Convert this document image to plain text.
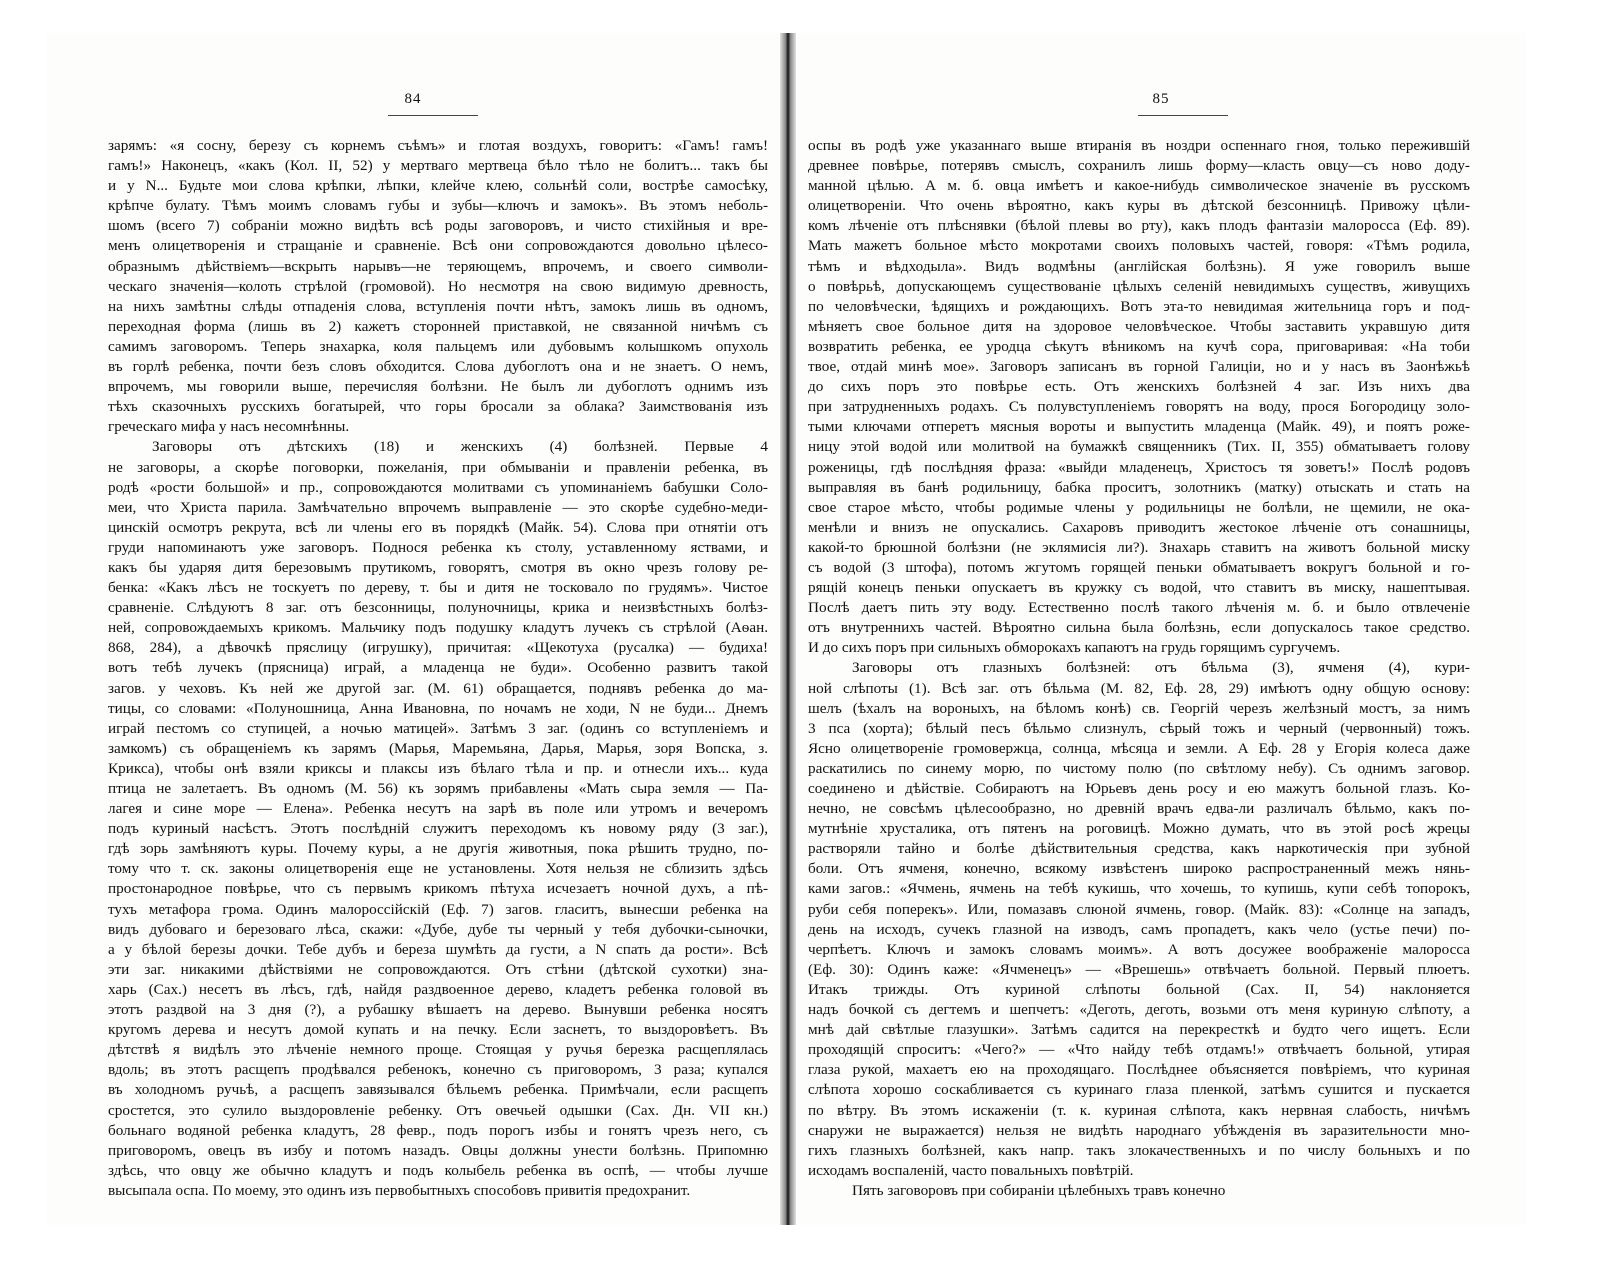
84
зарямъ: «я сосну, березу съ корнемъ съѣмъ» и глотая воздухъ, говоритъ: «Гамъ! гамъ!
гамъ!» Наконецъ, «какъ (Кол. II, 52) у мертваго мертвеца бѣло тѣло не болитъ... такъ бы
и у N... Будьте мои слова крѣпки, лѣпки, клейче клею, сольнѣй соли, вострѣе самосѣку,
крѣпче булату. Тѣмъ моимъ словамъ губы и зубы—ключъ и замокъ». Въ этомъ неболь-
шомъ (всего 7) собраніи можно видѣть всѣ роды заговоровъ, и чисто стихійныя и вре-
менъ олицетворенія и стращаніе и сравненіе. Всѣ они сопровождаются довольно цѣлесо-
образнымъ дѣйствіемъ—вскрыть нарывъ—не теряющемъ, впрочемъ, и своего символи-
ческаго значенія—колоть стрѣлой (громовой). Но несмотря на свою видимую древность,
на нихъ замѣтны слѣды отпаденія слова, вступленія почти нѣтъ, замокъ лишь въ одномъ,
переходная форма (лишь въ 2) кажетъ сторонней приставкой, не связанной ничѣмъ съ
самимъ заговоромъ. Теперь знахарка, коля пальцемъ или дубовымъ колышкомъ опухоль
въ горлѣ ребенка, почти безъ словъ обходится. Слова дубоглотъ она и не знаетъ. О немъ,
впрочемъ, мы говорили выше, перечисляя болѣзни. Не былъ ли дубоглотъ однимъ изъ
тѣхъ сказочныхъ русскихъ богатырей, что горы бросали за облака? Заимствованія изъ
греческаго мифа у насъ несомнѣнны.
Заговоры отъ дѣтскихъ (18) и женскихъ (4) болѣзней. Первые 4
не заговоры, а скорѣе поговорки, пожеланія, при обмываніи и правленіи ребенка, въ
родѣ «рости большой» и пр., сопровождаются молитвами съ упоминаніемъ бабушки Соло-
меи, что Христа парила. Замѣчательно впрочемъ выправленіе — это скорѣе судебно-меди-
цинскій осмотръ рекрута, всѣ ли члены его въ порядкѣ (Майк. 54). Слова при отнятіи отъ
груди напоминаютъ уже заговоръ. Поднося ребенка къ столу, уставленному яствами, и
какъ бы ударяя дитя березовымъ прутикомъ, говорятъ, смотря въ окно чрезъ голову ре-
бенка: «Какъ лѣсъ не тоскуетъ по дереву, т. бы и дитя не тосковало по грудямъ». Чистое
сравненіе. Слѣдуютъ 8 заг. отъ безсонницы, полуночницы, крика и неизвѣстныхъ болѣз-
ней, сопровождаемыхъ крикомъ. Мальчику подъ подушку кладутъ лучекъ съ стрѣлой (Аѳан.
868, 284), а дѣвочкѣ пряслицу (игрушку), причитая: «Щекотуха (русалка) — будиха!
вотъ тебѣ лучекъ (прясница) играй, а младенца не буди». Особенно развитъ такой
загов. у чеховъ. Къ ней же другой заг. (М. 61) обращается, поднявъ ребенка до ма-
тицы, со словами: «Полуношница, Анна Ивановна, по ночамъ не ходи, N не буди... Днемъ
играй пестомъ со ступицей, а ночью матицей». Затѣмъ 3 заг. (одинъ со вступленіемъ и
замкомъ) съ обращеніемъ къ зарямъ (Марья, Маремьяна, Дарья, Марья, зоря Вопска, з.
Крикса), чтобы онѣ взяли криксы и плаксы изъ бѣлаго тѣла и пр. и отнесли ихъ... куда
птица не залетаетъ. Въ одномъ (М. 56) къ зорямъ прибавлены «Мать сыра земля — Па-
лагея и сине море — Елена». Ребенка несутъ на зарѣ въ поле или утромъ и вечеромъ
подъ куриный насѣстъ. Этотъ послѣдній служитъ переходомъ къ новому ряду (3 заг.),
гдѣ зорь замѣняютъ куры. Почему куры, а не другія животныя, пока рѣшить трудно, по-
тому что т. ск. законы олицетворенія еще не установлены. Хотя нельзя не сблизить здѣсь
простонародное повѣрье, что съ первымъ крикомъ пѣтуха исчезаетъ ночной духъ, а пѣ-
тухъ метафора грома. Одинъ малороссійскій (Еф. 7) загов. гласитъ, вынесши ребенка на
видъ дубоваго и березоваго лѣса, скажи: «Дубе, дубе ты черный у тебя дубочки-сыночки,
а у бѣлой березы дочки. Тебе дубъ и береза шумѣть да густи, а N спать да рости». Всѣ
эти заг. никакими дѣйствіями не сопровождаются. Отъ стѣни (дѣтской сухотки) зна-
харь (Сах.) несетъ въ лѣсъ, гдѣ, найдя раздвоенное дерево, кладетъ ребенка головой въ
этотъ раздвой на 3 дня (?), а рубашку вѣшаетъ на дерево. Вынувши ребенка носятъ
кругомъ дерева и несутъ домой купать и на печку. Если заснетъ, то выздоровѣетъ. Въ
дѣтствѣ я видѣлъ это лѣченіе немного проще. Стоящая у ручья березка расщеплялась
вдоль; въ этотъ расщепъ продѣвался ребенокъ, конечно съ приговоромъ, 3 раза; купался
въ холодномъ ручьѣ, а расщепъ завязывался бѣльемъ ребенка. Примѣчали, если расщепъ
сростется, это сулило выздоровленіе ребенку. Отъ овечьей одышки (Сах. Дн. VII кн.)
больнаго водяной ребенка кладутъ, 28 февр., подъ порогъ избы и гонятъ чрезъ него, съ
приговоромъ, овецъ въ избу и потомъ назадъ. Овцы должны унести болѣзнь. Припомню
здѣсь, что овцу же обычно кладутъ и подъ колыбель ребенка въ оспѣ, — чтобы лучше
высыпала оспа. По моему, это одинъ изъ первобытныхъ способовъ привитія предохранит.
85
оспы въ родѣ уже указаннаго выше втиранія въ ноздри оспеннаго гноя, только пережившій
древнее повѣрье, потерявъ смыслъ, сохранилъ лишь форму—класть овцу—съ ново доду-
манной цѣлью. А м. б. овца имѣетъ и какое-нибудь символическое значеніе въ русскомъ
олицетвореніи. Что очень вѣроятно, какъ куры въ дѣтской безсонницѣ. Привожу цѣли-
комъ лѣченіе отъ плѣснявки (бѣлой плевы во рту), какъ плодъ фантазіи малоросса (Еф. 89).
Мать мажетъ больное мѣсто мокротами своихъ половыхъ частей, говоря: «Тѣмъ родила,
тѣмъ и вѣдходыла». Видъ водмѣны (англійская болѣзнь). Я уже говорилъ выше
о повѣрьѣ, допускающемъ существованіе цѣлыхъ селеній невидимыхъ существъ, живущихъ
по человѣчески, ѣдящихъ и рождающихъ. Вотъ эта-то невидимая жительница горъ и под-
мѣняетъ свое больное дитя на здоровое человѣческое. Чтобы заставить укравшую дитя
возвратить ребенка, ее уродца сѣкутъ вѣникомъ на кучѣ сора, приговаривая: «На тоби
твое, отдай минѣ мое». Заговоръ записанъ въ горной Галиціи, но и у насъ въ Заонѣжьѣ
до сихъ поръ это повѣрье есть. Отъ женскихъ болѣзней 4 заг. Изъ нихъ два
при затрудненныхъ родахъ. Съ полувступленіемъ говорятъ на воду, прося Богородицу золо-
тыми ключами отперетъ мясныя вороты и выпустить младенца (Майк. 49), и поятъ роже-
ницу этой водой или молитвой на бумажкѣ священникъ (Тих. II, 355) обматываетъ голову
роженицы, гдѣ послѣдняя фраза: «выйди младенецъ, Христосъ тя зоветъ!» Послѣ родовъ
выправляя въ банѣ родильницу, бабка проситъ, золотникъ (матку) отыскать и стать на
свое старое мѣсто, чтобы родимые члены у родильницы не болѣли, не щемили, не ока-
менѣли и внизъ не опускались. Сахаровъ приводитъ жестокое лѣченіе отъ сонашницы,
какой-то брюшной болѣзни (не эклямисія ли?). Знахарь ставитъ на животъ больной миску
съ водой (3 штофа), потомъ жгутомъ горящей пеньки обматываетъ вокругъ больной и го-
рящій конецъ пеньки опускаетъ въ кружку съ водой, что ставитъ въ миску, нашептывая.
Послѣ даетъ пить эту воду. Естественно послѣ такого лѣченія м. б. и было отвлеченіе
отъ внутреннихъ частей. Вѣроятно сильна была болѣзнь, если допускалось такое средство.
И до сихъ поръ при сильныхъ обморокахъ капаютъ на грудь горящимъ сургучемъ.
Заговоры отъ глазныхъ болѣзней: отъ бѣльма (3), ячменя (4), кури-
ной слѣпоты (1). Всѣ заг. отъ бѣльма (М. 82, Еф. 28, 29) имѣютъ одну общую основу:
шелъ (ѣхалъ на вороныхъ, на бѣломъ конѣ) св. Георгій черезъ желѣзный мостъ, за нимъ
3 пса (хорта); бѣлый песъ бѣльмо слизнулъ, сѣрый тожъ и черный (червонный) тожъ.
Ясно олицетвореніе громовержца, солнца, мѣсяца и земли. А Еф. 28 у Егорія колеса даже
раскатились по синему морю, по чистому полю (по свѣтлому небу). Съ однимъ заговор.
соединено и дѣйствіе. Собираютъ на Юрьевъ день росу и ею мажутъ больной глазъ. Ко-
нечно, не совсѣмъ цѣлесообразно, но древній врачъ едва-ли различалъ бѣльмо, какъ по-
мутнѣніе хрусталика, отъ пятенъ на роговицѣ. Можно думать, что въ этой росѣ жрецы
растворяли тайно и болѣе дѣйствительныя средства, какъ наркотическія при зубной
боли. Отъ ячменя, конечно, всякому извѣстенъ широко распространенный межъ нянь-
ками загов.: «Ячмень, ячмень на тебѣ кукишь, что хочешь, то купишь, купи себѣ топорокъ,
руби себя поперекъ». Или, помазавъ слюной ячмень, говор. (Майк. 83): «Солнце на западъ,
день на исходъ, сучекъ глазной на изводъ, самъ пропадетъ, какъ чело (устье печи) по-
черпѣетъ. Ключъ и замокъ словамъ моимъ». А вотъ досужее воображеніе малоросса
(Еф. 30): Одинъ каже: «Ячменецъ» — «Врешешь» отвѣчаетъ больной. Первый плюетъ.
Итакъ трижды. Отъ куриной слѣпоты больной (Сах. II, 54) наклоняется
надъ бочкой съ дегтемъ и шепчетъ: «Деготь, деготь, возьми отъ меня куриную слѣпоту, а
мнѣ дай свѣтлые глазушки». Затѣмъ садится на перекресткѣ и будто чего ищетъ. Если
проходящій спроситъ: «Чего?» — «Что найду тебѣ отдамъ!» отвѣчаетъ больной, утирая
глаза рукой, махаетъ ею на проходящаго. Послѣднее объясняется повѣріемъ, что куриная
слѣпота хорошо соскабливается съ куринаго глаза пленкой, затѣмъ сушится и пускается
по вѣтру. Въ этомъ искаженіи (т. к. куриная слѣпота, какъ нервная слабость, ничѣмъ
снаружи не выражается) нельзя не видѣть народнаго убѣжденія въ заразительности мно-
гихъ глазныхъ болѣзней, какъ напр. такъ злокачественныхъ и по числу больныхъ и по
исходамъ воспаленій, часто повальныхъ повѣтрій.
Пять заговоровъ при собираніи цѣлебныхъ травъ конечно
